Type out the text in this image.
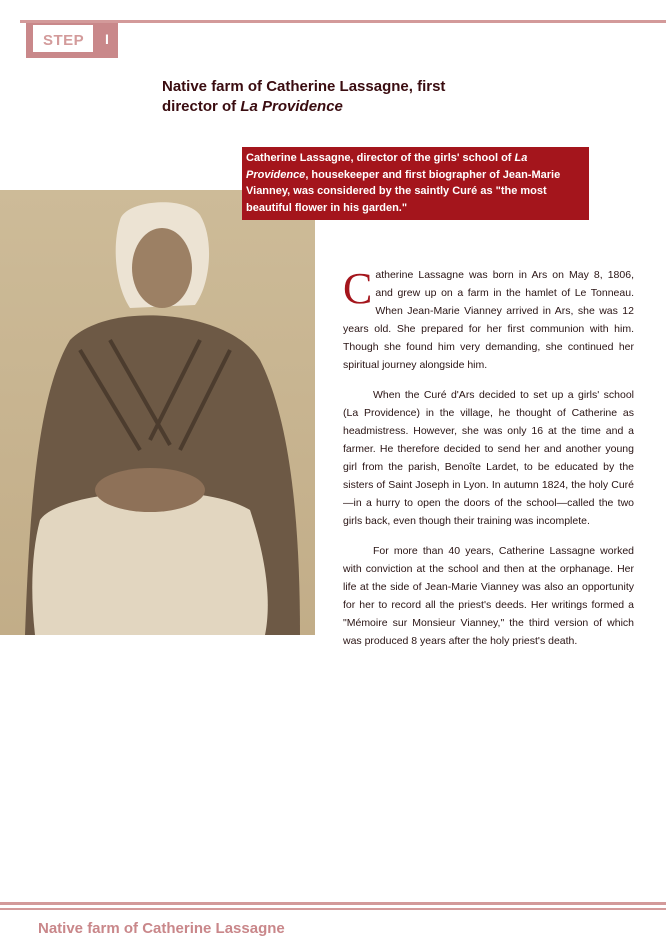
STEP I
Native farm of Catherine Lassagne, first
director of La Providence
Catherine Lassagne, director of the girls' school of La Providence, housekeeper and first biographer of Jean-Marie Vianney, was considered by the saintly Curé as "the most beautiful flower in his garden."

Catherine Lassagne was born in Ars on May 8, 1806, and grew up on a farm in the hamlet of Le Tonneau. When Jean-Marie Vianney arrived in Ars, she was 12 years old. She prepared for her first communion with him. Though she found him very demanding, she continued her spiritual journey alongside him.

When the Curé d'Ars decided to set up a girls' school (La Providence) in the village, he thought of Catherine as headmistress. However, she was only 16 at the time and a farmer. He therefore decided to send her and another young girl from the parish, Benoîte Lardet, to be educated by the sisters of Saint Joseph in Lyon. In autumn 1824, the holy Curé—in a hurry to open the doors of the school—called the two girls back, even though their training was incomplete.

For more than 40 years, Catherine Lassagne worked with conviction at the school and then at the orphanage. Her life at the side of Jean-Marie Vianney was also an opportunity for her to record all the priest's deeds. Her writings formed a "Mémoire sur Monsieur Vianney," the third version of which was produced 8 years after the holy priest's death.

Native farm of Catherine Lassagne
